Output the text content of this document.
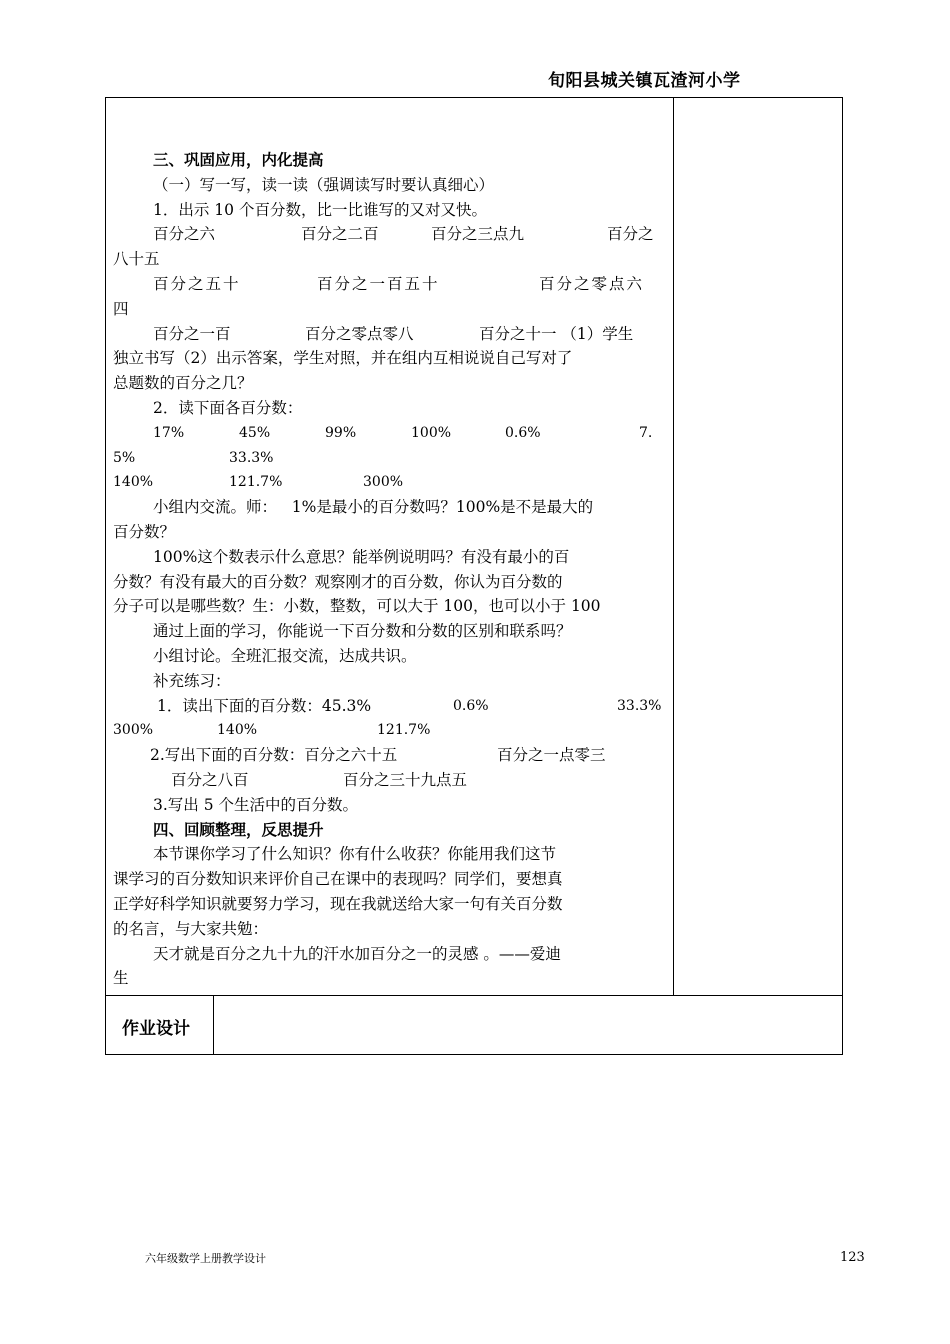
旬阳县城关镇瓦渣河小学
作业设计
三、巩固应用，内化提高
（一）写一写，读一读（强调读写时要认真细心）
1．出示 10 个百分数，比一比谁写的又对又快。
百分之六	百分之二百	百分之三点九	百分之
八十五
百分之五十	百分之一百五十	百分之零点六
四
百分之一百	百分之零点零八	百分之十一 （1）学生
独立书写（2）出示答案，学生对照，并在组内互相说说自己写对了
总题数的百分之几？
2．读下面各百分数：
17%	45%	99%	100%	0.6%	7.
5%	33.3%
140%	121.7%	300%
小组内交流。师：   1%是最小的百分数吗？100%是不是最大的
百分数？
100%这个数表示什么意思？能举例说明吗？有没有最小的百
分数？有没有最大的百分数？观察刚才的百分数，你认为百分数的
分子可以是哪些数？生：小数，整数，可以大于 100，也可以小于 100
通过上面的学习，你能说一下百分数和分数的区别和联系吗？
小组讨论。全班汇报交流，达成共识。
补充练习：
1．读出下面的百分数：45.3%	0.6%	33.3%
300%	140%	121.7%
2.写出下面的百分数：百分之六十五	百分之一点零三
百分之八百	百分之三十九点五
3.写出 5 个生活中的百分数。
四、回顾整理，反思提升
本节课你学习了什么知识？你有什么收获？你能用我们这节
课学习的百分数知识来评价自己在课中的表现吗？同学们，要想真
正学好科学知识就要努力学习，现在我就送给大家一句有关百分数
的名言，与大家共勉：
天才就是百分之九十九的汗水加百分之一的灵感 。——爱迪
生
六年级数学上册教学设计	123
